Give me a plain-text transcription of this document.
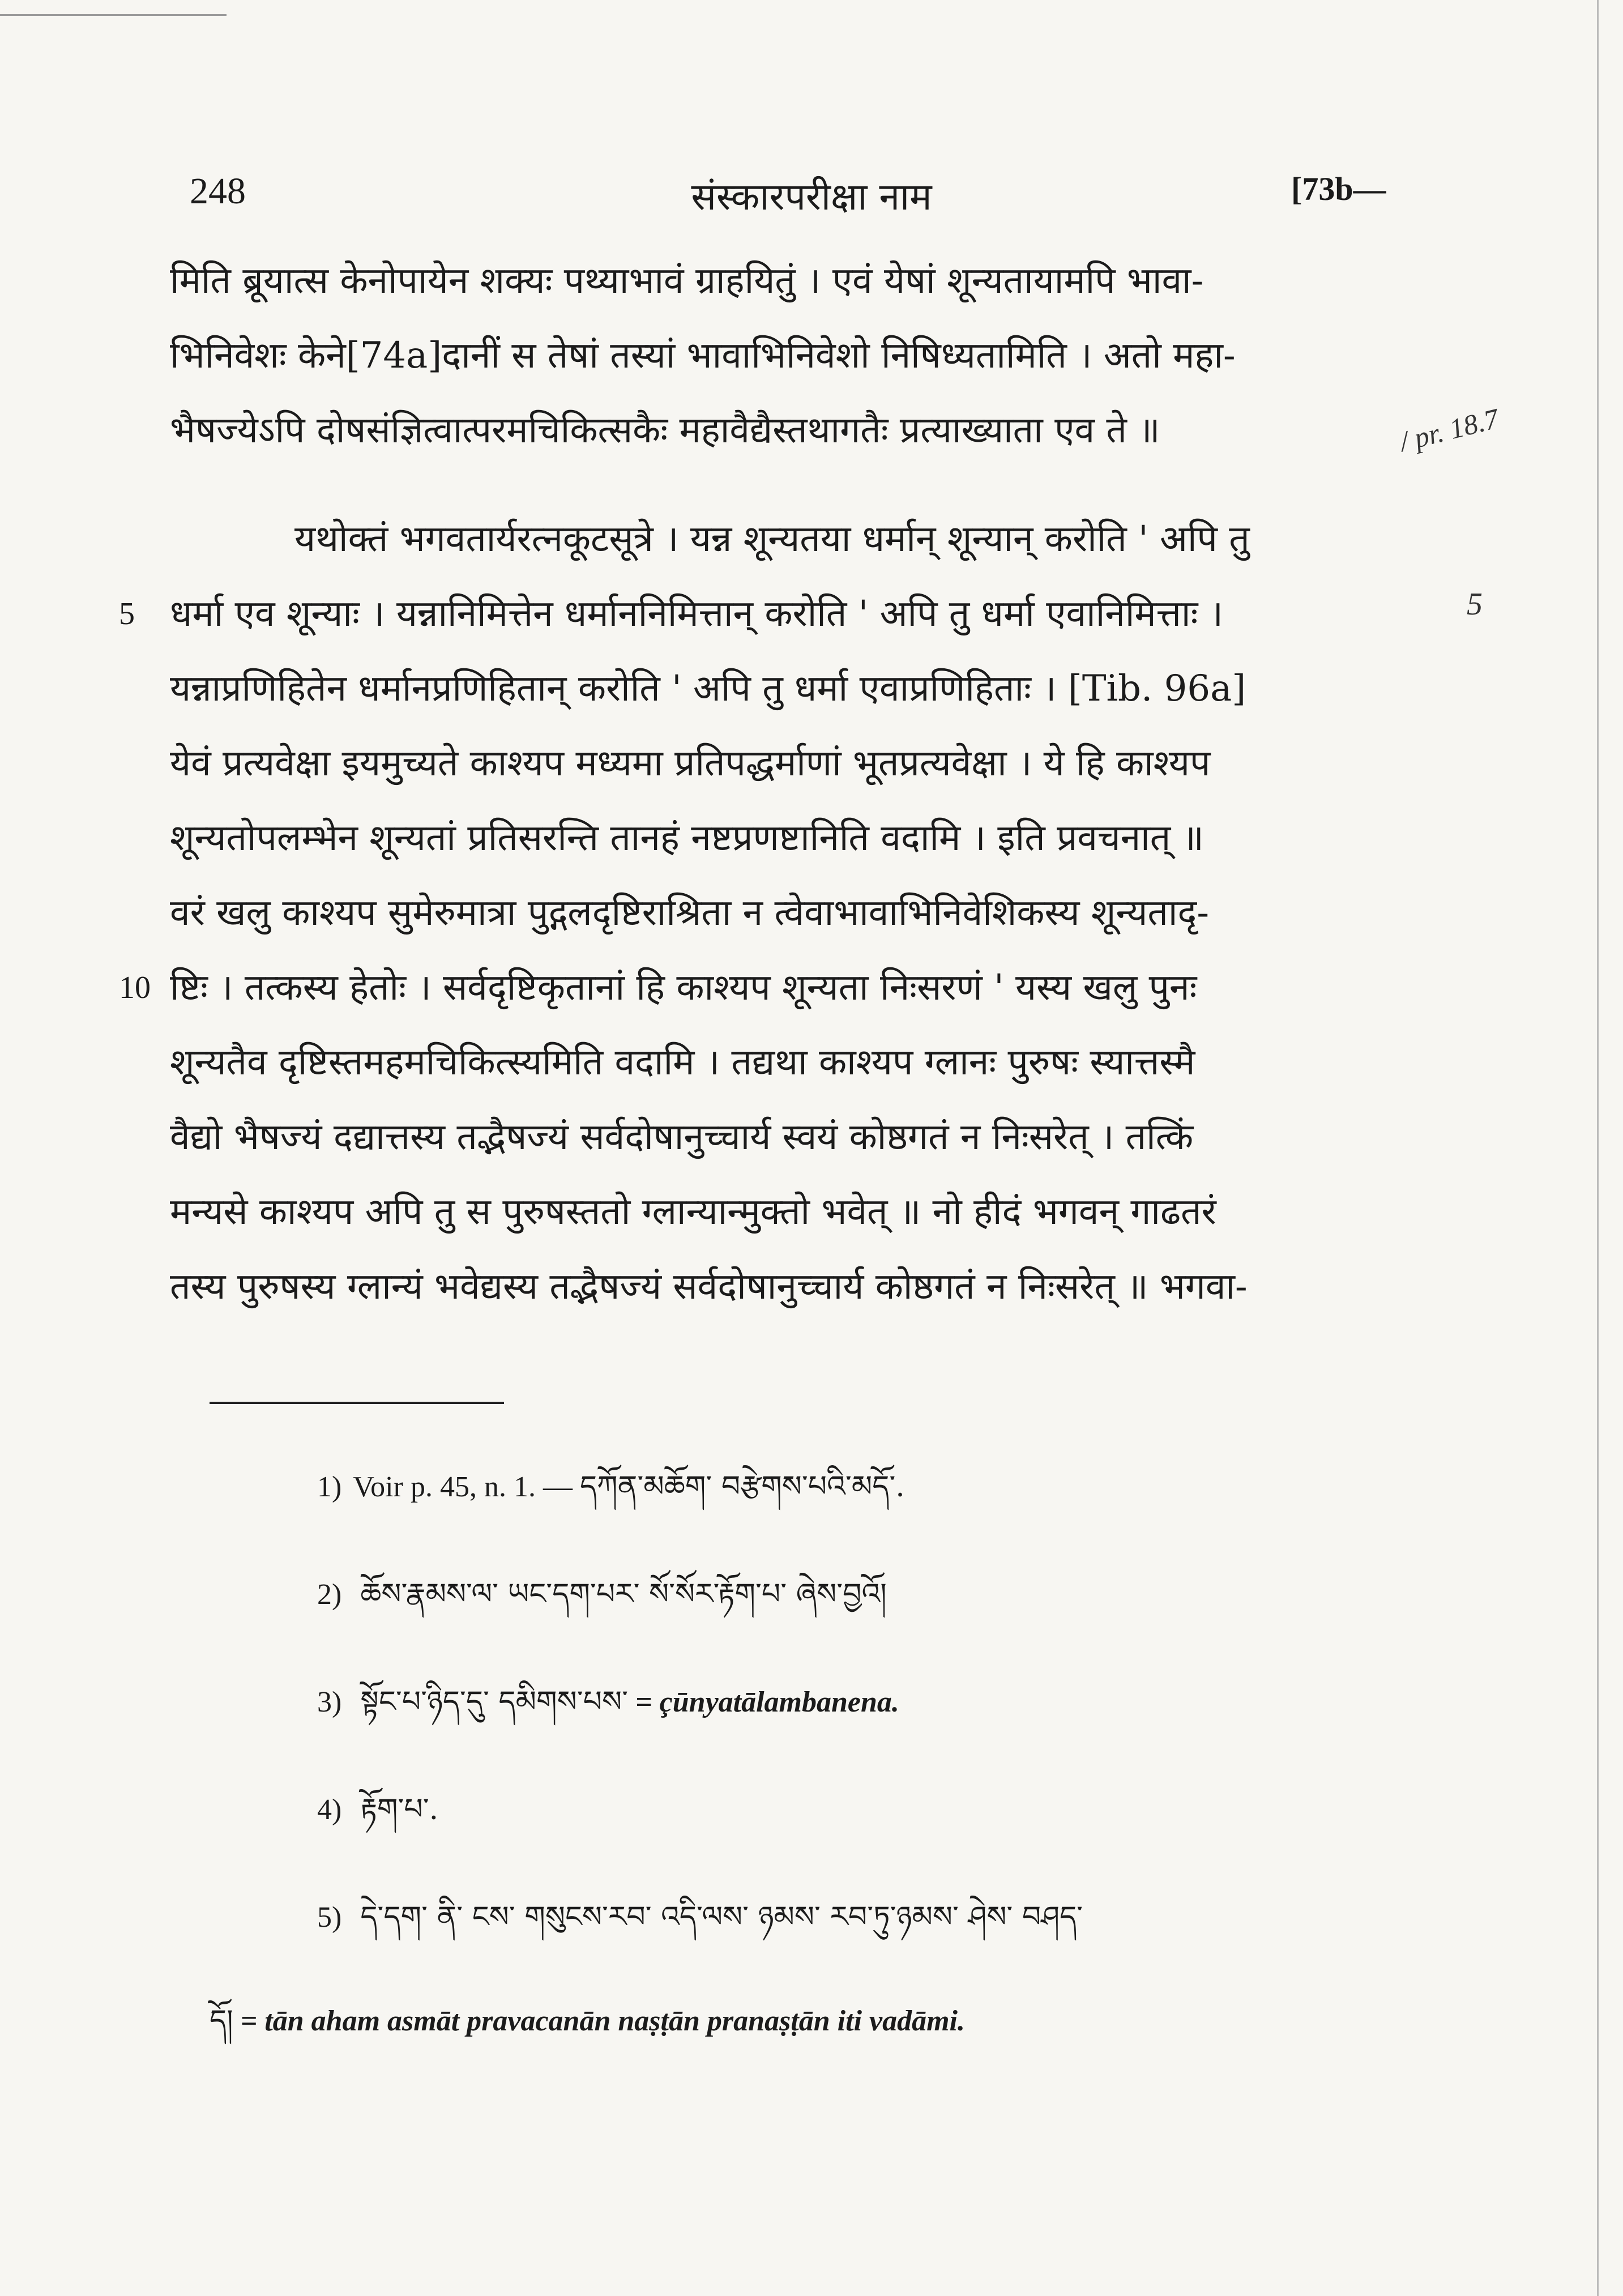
248	संस्कारपरीक्षा नाम	[73b—
मिति ब्रूयात्स केनोपायेन शक्यः पथ्याभावं ग्राहयितुं । एवं येषां शून्यतायामपि भावा-
भिनिवेशः केने[74a]दानीं स तेषां तस्यां भावाभिनिवेशो निषिध्यतामिति । अतो महा-
भैषज्येऽपि दोषसंज्ञित्वात्परमचिकित्सकैः महावैद्यैस्तथागतैः प्रत्याख्याता एव ते ॥
यथोक्तं भगवतार्यरत्नकूटसूत्रे । यन्न शून्यतया धर्मान् शून्यान् करोति ' अपि तु
5 धर्मा एव शून्याः । यन्नानिमित्तेन धर्माननिमित्तान् करोति ' अपि तु धर्मा एवानिमित्ताः ।
यन्नाप्रणिहितेन धर्मानप्रणिहितान् करोति ' अपि तु धर्मा एवाप्रणिहिताः । [Tib. 96a]
येवं प्रत्यवेक्षा इयमुच्यते काश्यप मध्यमा प्रतिपद्धर्माणां भूतप्रत्यवेक्षा । ये हि काश्यप
शून्यतोपलम्भेन शून्यतां प्रतिसरन्ति तानहं नष्टप्रणष्टानिति वदामि । इति प्रवचनात् ॥
वरं खलु काश्यप सुमेरुमात्रा पुद्गलदृष्टिराश्रिता न त्वेवाभावाभिनिवेशिकस्य शून्यतादृ-
10 ष्टिः । तत्कस्य हेतोः । सर्वदृष्टिकृतानां हि काश्यप शून्यता निःसरणं ' यस्य खलु पुनः
शून्यतैव दृष्टिस्तमहमचिकित्स्यमिति वदामि । तद्यथा काश्यप ग्लानः पुरुषः स्यात्तस्मै
वैद्यो भैषज्यं दद्यात्तस्य तद्भैषज्यं सर्वदोषानुच्चार्य स्वयं कोष्ठगतं न निःसरेत् । तत्किं
मन्यसे काश्यप अपि तु स पुरुषस्ततो ग्लान्यान्मुक्तो भवेत् ॥ नो हीदं भगवन् गाढतरं
तस्य पुरुषस्य ग्लान्यं भवेद्यस्य तद्भैषज्यं सर्वदोषानुच्चार्य कोष्ठगतं न निःसरेत् ॥ भगवा-
5
/ pr. 18.7
1) Voir p. 45, n. 1. — དཀོན་མཆོག་ བརྩེགས་པའི་མདོ་.
2) ཆོས་རྣམས་ལ་ ཡང་དག་པར་ སོ་སོར་རྟོག་པ་ ཞེས་བྱའོ།
3) སྟོང་པ་ཉིད་དུ་ དམིགས་པས་ = çūnyatālambanena.
4) རྟོག་པ་.
5) དེ་དག་ ནི་ ངས་ གསུངས་རབ་ འདི་ལས་ ཉམས་ རབ་ཏུ་ཉམས་ ཤེས་ བཤད་
དོ། = tān aham asmāt pravacanān naṣṭān pranaṣṭān iti vadāmi.
